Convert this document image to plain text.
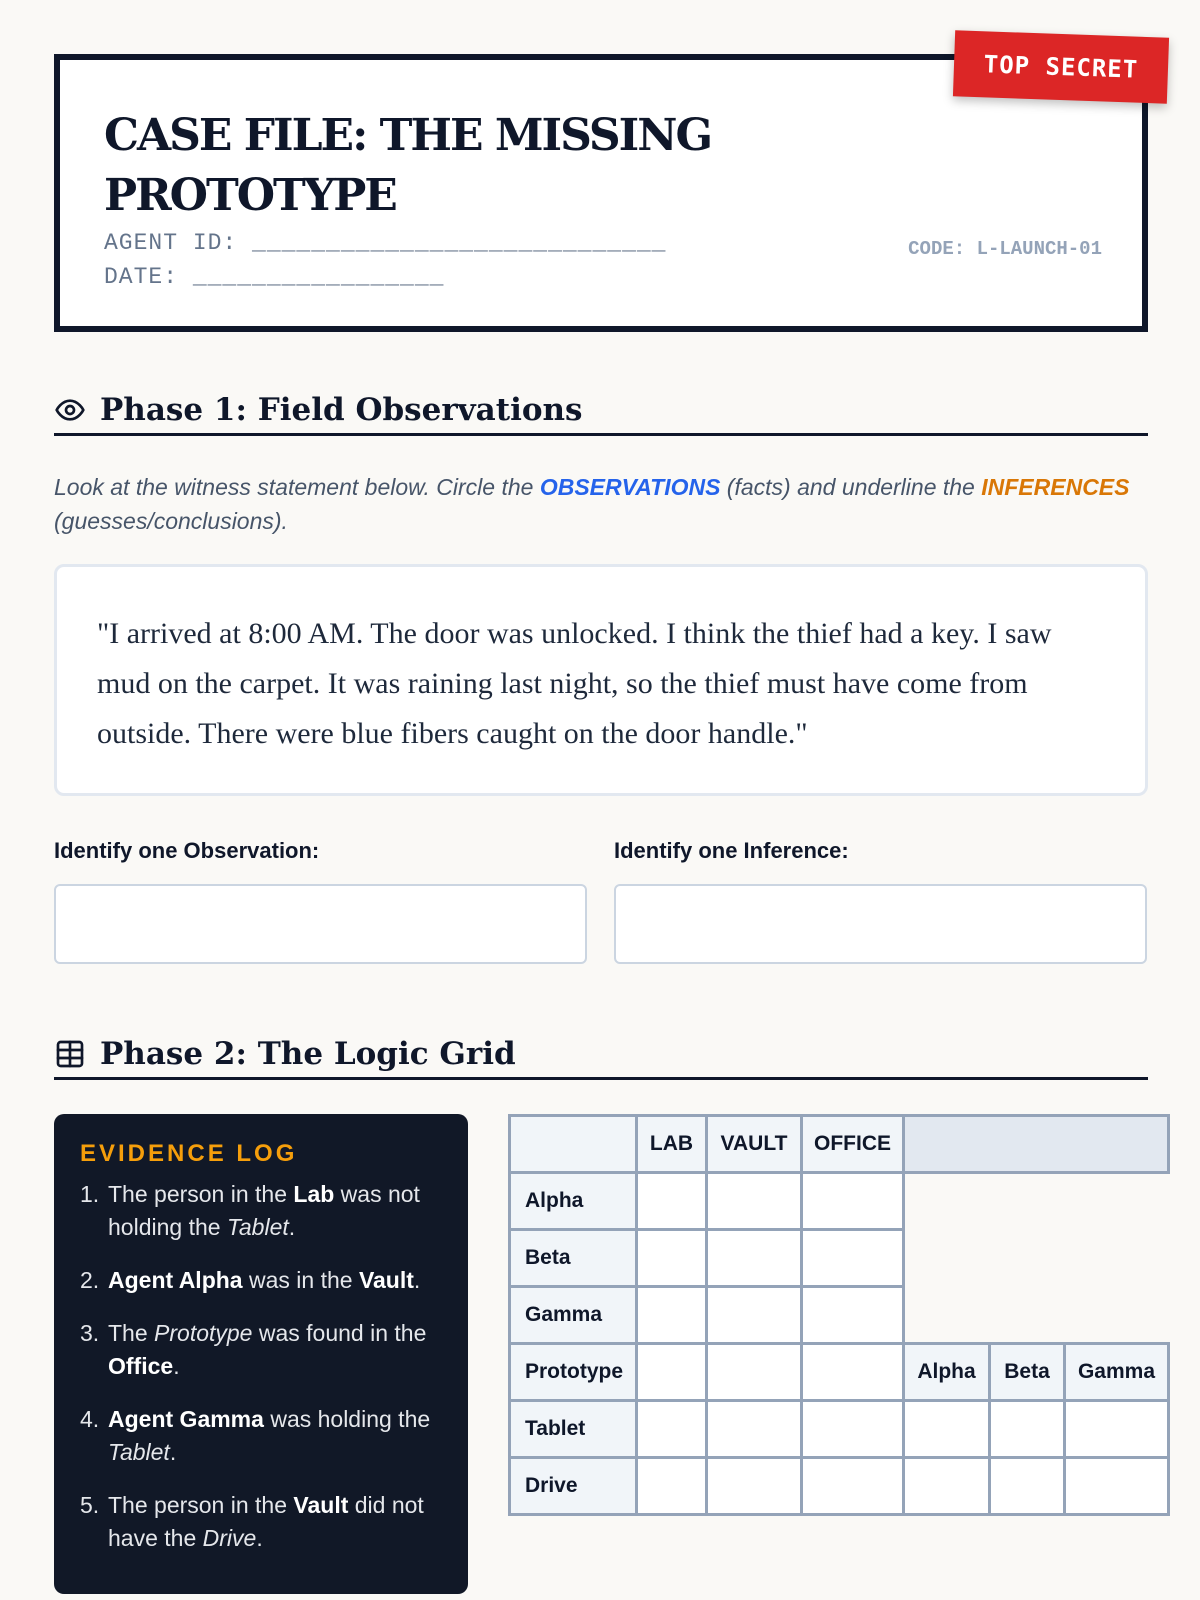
TOP SECRET
CASE FILE: THE MISSING PROTOTYPE
AGENT ID: ____________________________DATE: _________________
CODE: L-LAUNCH-01
Phase 1: Field Observations

Look at the witness statement below. Circle the OBSERVATIONS (facts) and underline the INFERENCES (guesses/conclusions).

"I arrived at 8:00 AM. The door was unlocked. I think the thief had a key. I saw mud on the carpet. It was raining last night, so the thief must have come from outside. There were blue fibers caught on the door handle."
Identify one Observation:	Identify one Inference:
Phase 2: The Logic Grid
EVIDENCE LOG
1. The person in the Lab was not holding the Tablet.
2. Agent Alpha was in the Vault.
3. The Prototype was found in the Office.
4. Agent Gamma was holding the Tablet.
5. The person in the Vault did not have the Drive.
	LAB	VAULT	OFFICE			
Alpha						
Beta						
Gamma						
Prototype				Alpha	Beta	Gamma
Tablet						
Drive						
